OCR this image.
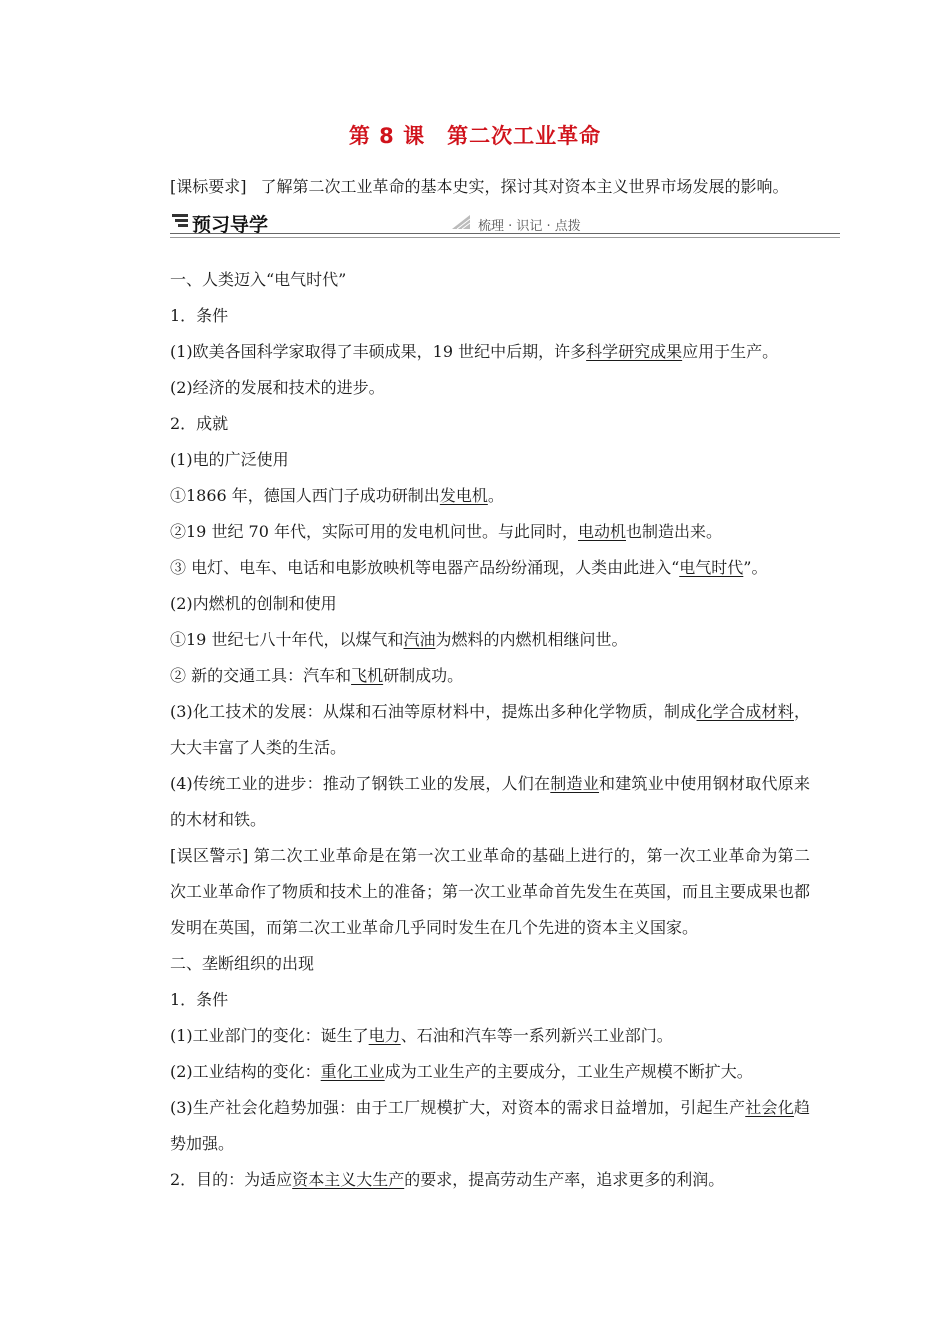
第 8 课 第二次工业革命
[课标要求] 了解第二次工业革命的基本史实，探讨其对资本主义世界市场发展的影响。
预习导学	梳理 · 识记 · 点拨

一、人类迈入“电气时代”

1．条件

(1)欧美各国科学家取得了丰硕成果，19 世纪中后期，许多科学研究成果应用于生产。

(2)经济的发展和技术的进步。

2．成就

(1)电的广泛使用

①1866 年，德国人西门子成功研制出发电机。

②19 世纪 70 年代，实际可用的发电机问世。与此同时，电动机也制造出来。

③ 电灯、电车、电话和电影放映机等电器产品纷纷涌现，人类由此进入“电气时代”。

(2)内燃机的创制和使用

①19 世纪七八十年代，以煤气和汽油为燃料的内燃机相继问世。

② 新的交通工具：汽车和飞机研制成功。

(3)化工技术的发展：从煤和石油等原材料中，提炼出多种化学物质，制成化学合成材料，大大丰富了人类的生活。

(4)传统工业的进步：推动了钢铁工业的发展，人们在制造业和建筑业中使用钢材取代原来的木材和铁。

[误区警示] 第二次工业革命是在第一次工业革命的基础上进行的，第一次工业革命为第二次工业革命作了物质和技术上的准备；第一次工业革命首先发生在英国，而且主要成果也都发明在英国，而第二次工业革命几乎同时发生在几个先进的资本主义国家。

二、垄断组织的出现

1．条件

(1)工业部门的变化：诞生了电力、石油和汽车等一系列新兴工业部门。

(2)工业结构的变化：重化工业成为工业生产的主要成分，工业生产规模不断扩大。

(3)生产社会化趋势加强：由于工厂规模扩大，对资本的需求日益增加，引起生产社会化趋势加强。

2．目的：为适应资本主义大生产的要求，提高劳动生产率，追求更多的利润。
